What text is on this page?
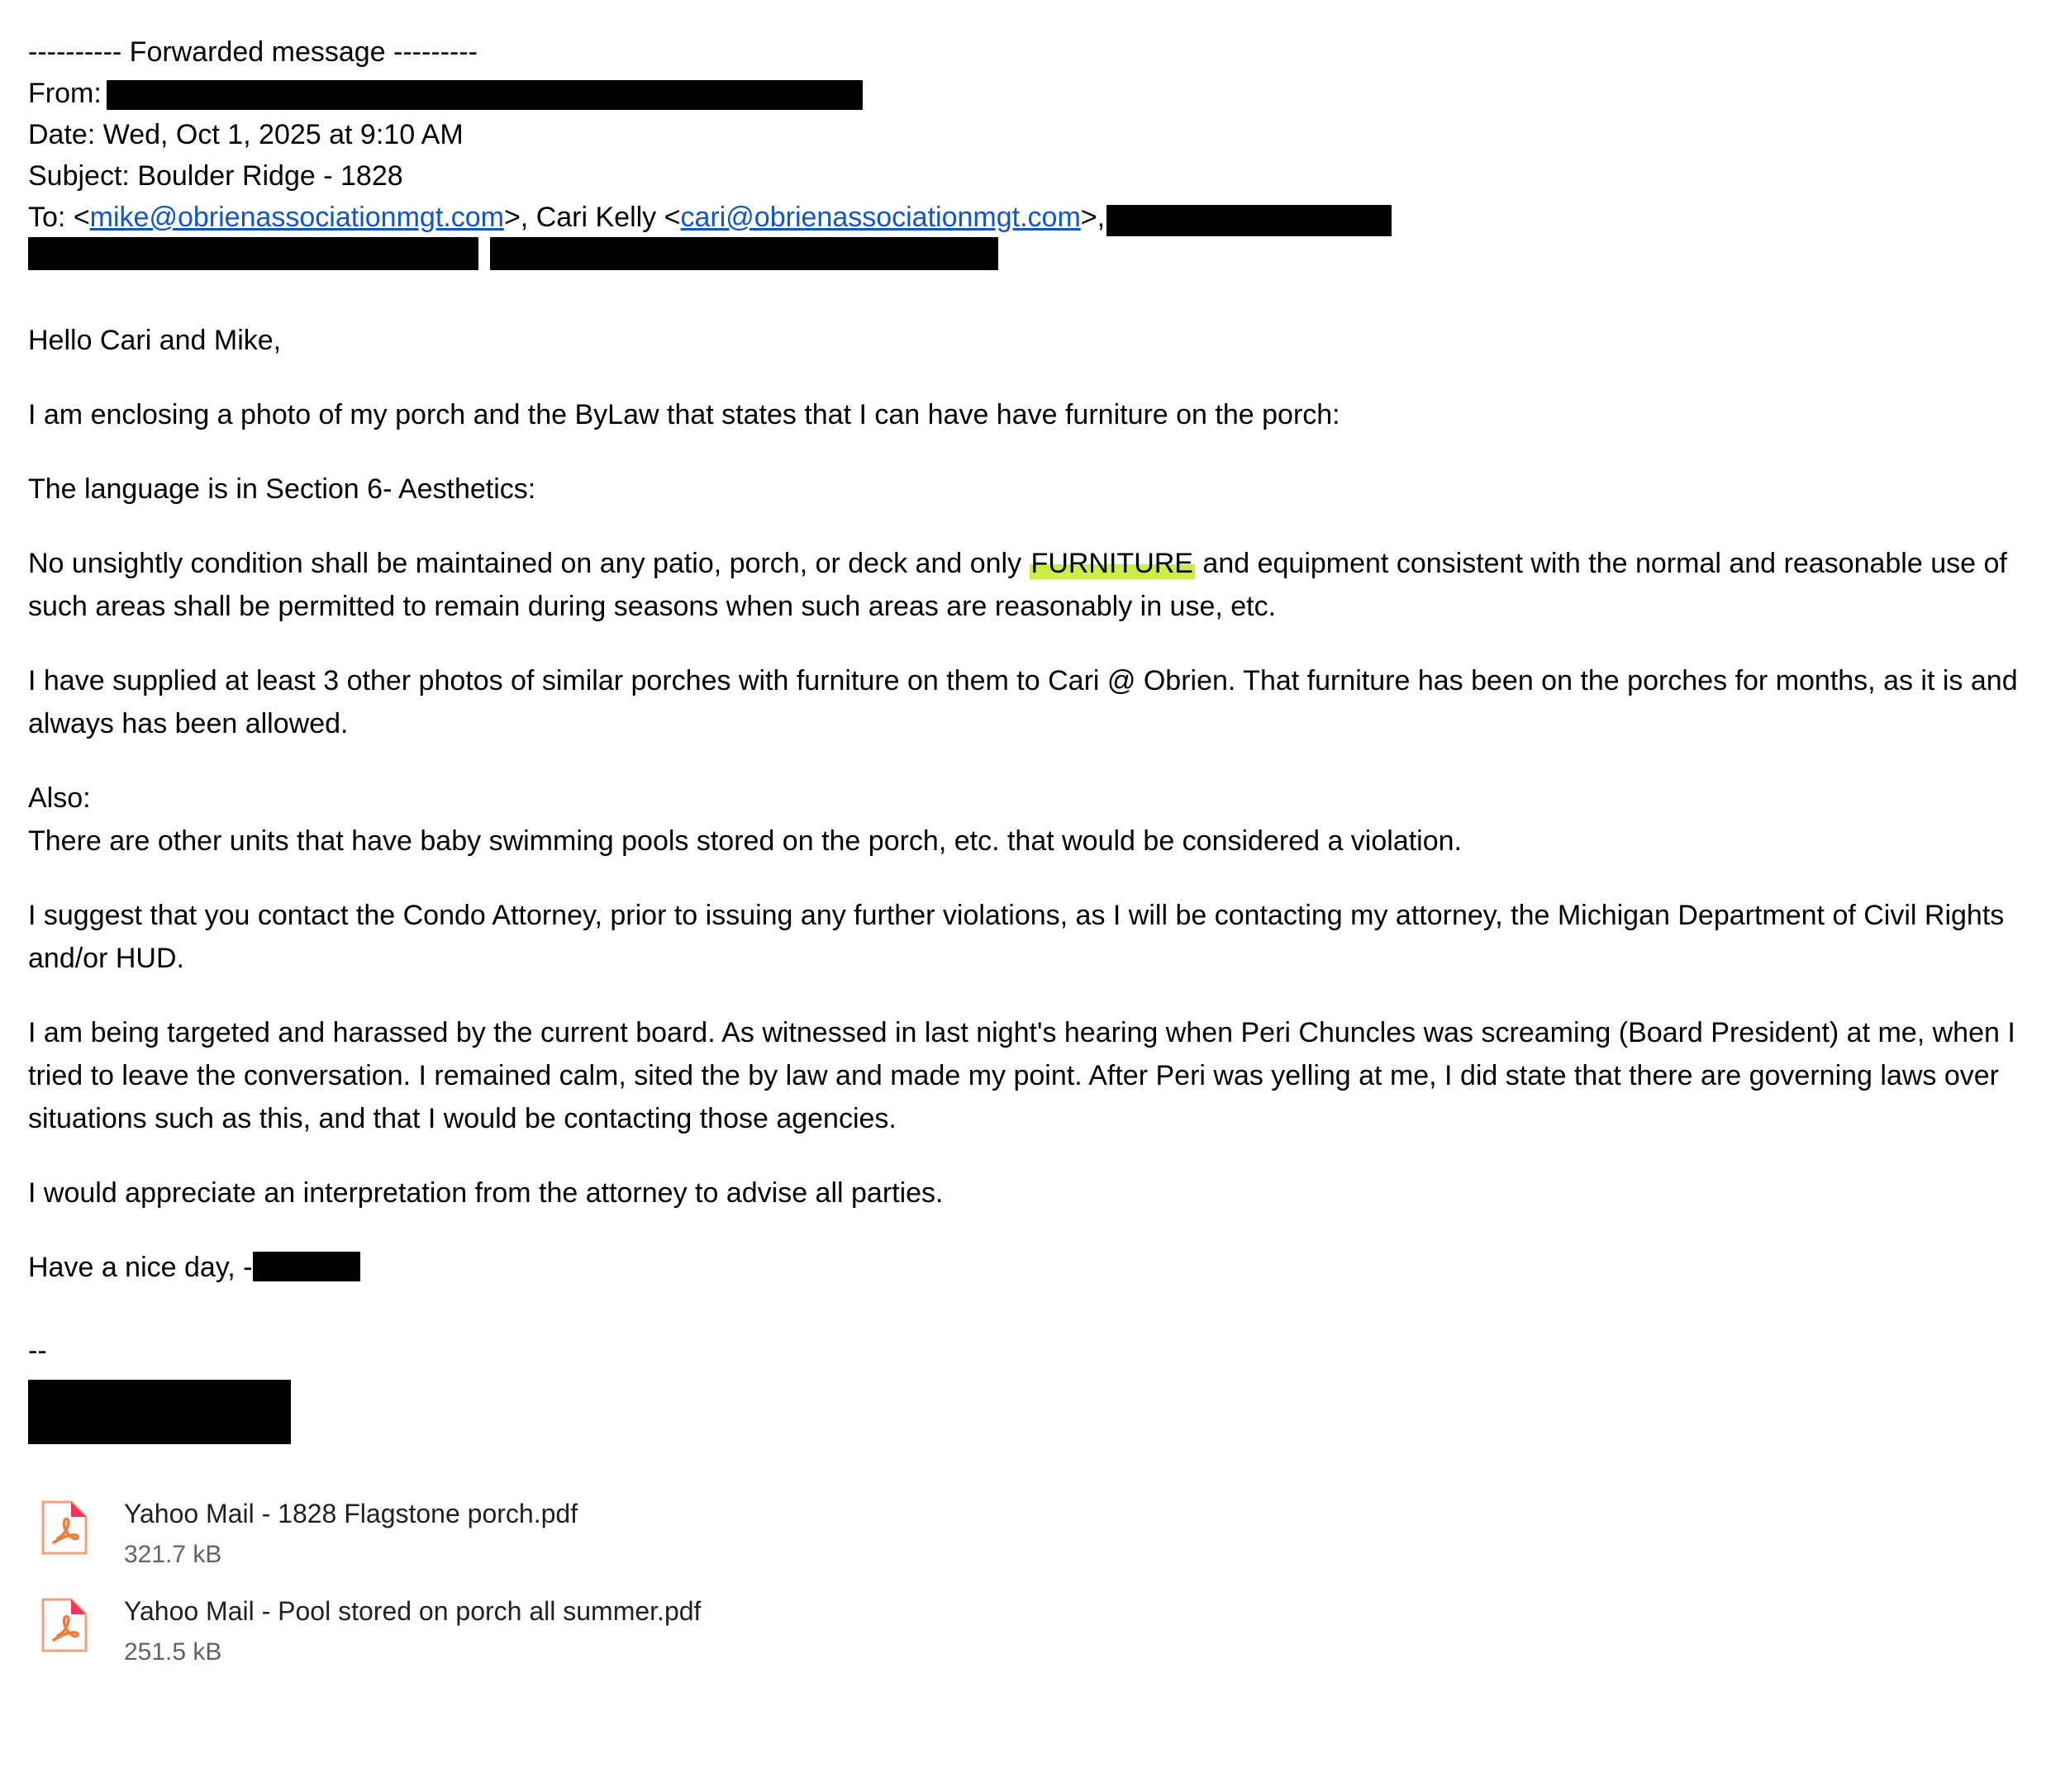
---------- Forwarded message ---------
From:
Date: Wed, Oct 1, 2025 at 9:10 AM
Subject: Boulder Ridge - 1828
To: <mike@obrienassociationmgt.com>, Cari Kelly <cari@obrienassociationmgt.com>,

Hello Cari and Mike,

I am enclosing a photo of my porch and the ByLaw that states that I can have have furniture on the porch:

The language is in Section 6- Aesthetics:

No unsightly condition shall be maintained on any patio, porch, or deck and only FURNITURE and equipment consistent with the normal and reasonable use of such areas shall be permitted to remain during seasons when such areas are reasonably in use, etc.

I have supplied at least 3 other photos of similar porches with furniture on them to Cari @ Obrien. That furniture has been on the porches for months, as it is and always has been allowed.

Also:

There are other units that have baby swimming pools stored on the porch, etc. that would be considered a violation.

I suggest that you contact the Condo Attorney, prior to issuing any further violations, as I will be contacting my attorney, the Michigan Department of Civil Rights and/or HUD.

I am being targeted and harassed by the current board. As witnessed in last night's hearing when Peri Chuncles was screaming (Board President) at me, when I tried to leave the conversation. I remained calm, sited the by law and made my point. After Peri was yelling at me, I did state that there are governing laws over situations such as this, and that I would be contacting those agencies.

I would appreciate an interpretation from the attorney to advise all parties.

Have a nice day, -

--
Yahoo Mail - 1828 Flagstone porch.pdf
321.7 kB
Yahoo Mail - Pool stored on porch all summer.pdf
251.5 kB
